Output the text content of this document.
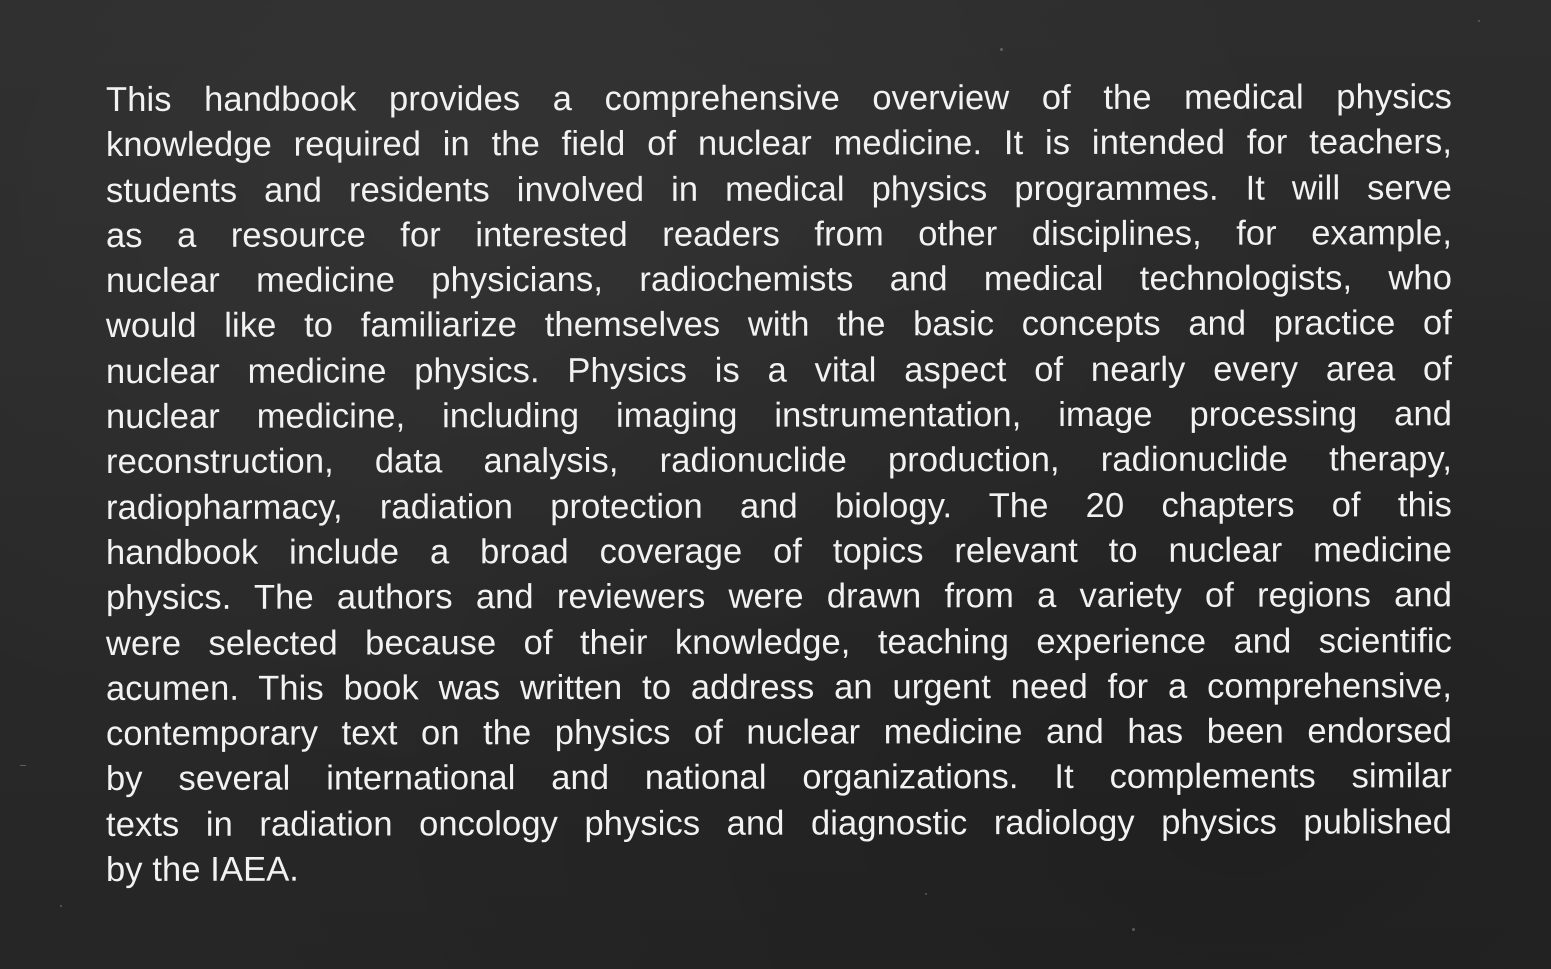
This handbook provides a comprehensive overview of the medical physics
knowledge required in the field of nuclear medicine. It is intended for teachers,
students and residents involved in medical physics programmes. It will serve
as a resource for interested readers from other disciplines, for example,
nuclear medicine physicians, radiochemists and medical technologists, who
would like to familiarize themselves with the basic concepts and practice of
nuclear medicine physics. Physics is a vital aspect of nearly every area of
nuclear medicine, including imaging instrumentation, image processing and
reconstruction, data analysis, radionuclide production, radionuclide therapy,
radiopharmacy, radiation protection and biology. The 20 chapters of this
handbook include a broad coverage of topics relevant to nuclear medicine
physics. The authors and reviewers were drawn from a variety of regions and
were selected because of their knowledge, teaching experience and scientific
acumen. This book was written to address an urgent need for a comprehensive,
contemporary text on the physics of nuclear medicine and has been endorsed
by several international and national organizations. It complements similar
texts in radiation oncology physics and diagnostic radiology physics published
by the IAEA.
